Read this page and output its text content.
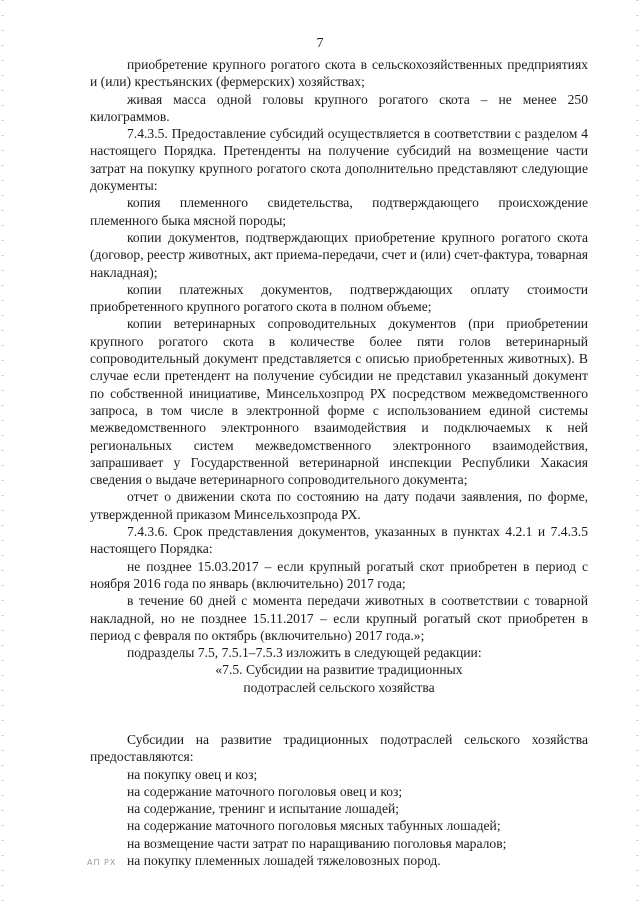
7

приобретение крупного рогатого скота в сельскохозяйственных предприятиях и (или) крестьянских (фермерских) хозяйствах;

живая масса одной головы крупного рогатого скота – не менее 250 килограммов.

7.4.3.5. Предоставление субсидий осуществляется в соответствии с разделом 4 настоящего Порядка. Претенденты на получение субсидий на возмещение части затрат на покупку крупного рогатого скота дополнительно представляют следующие документы:

копия племенного свидетельства, подтверждающего происхождение племенного быка мясной породы;

копии документов, подтверждающих приобретение крупного рогатого скота (договор, реестр животных, акт приема-передачи, счет и (или) счет-фактура, товарная накладная);

копии платежных документов, подтверждающих оплату стоимости приобретенного крупного рогатого скота в полном объеме;

копии ветеринарных сопроводительных документов (при приобретении крупного рогатого скота в количестве более пяти голов ветеринарный сопроводительный документ представляется с описью приобретенных животных). В случае если претендент на получение субсидии не представил указанный документ по собственной инициативе, Минсельхозпрод РХ посредством межведомственного запроса, в том числе в электронной форме с использованием единой системы межведомственного электронного взаимодействия и подключаемых к ней региональных систем межведомственного электронного взаимодействия, запрашивает у Государственной ветеринарной инспекции Республики Хакасия сведения о выдаче ветеринарного сопроводительного документа;

отчет о движении скота по состоянию на дату подачи заявления, по форме, утвержденной приказом Минсельхозпрода РХ.

7.4.3.6. Срок представления документов, указанных в пунктах 4.2.1 и 7.4.3.5 настоящего Порядка:

не позднее 15.03.2017 – если крупный рогатый скот приобретен в период с ноября 2016 года по январь (включительно) 2017 года;

в течение 60 дней с момента передачи животных в соответствии с товарной накладной, но не позднее 15.11.2017 – если крупный рогатый скот приобретен в период с февраля по октябрь (включительно) 2017 года.»;

подразделы 7.5, 7.5.1–7.5.3 изложить в следующей редакции:

«7.5. Субсидии на развитие традиционных

подотраслей сельского хозяйства

Субсидии на развитие традиционных подотраслей сельского хозяйства предоставляются:

на покупку овец и коз;

на содержание маточного поголовья овец и коз;

на содержание, тренинг и испытание лошадей;

на содержание маточного поголовья мясных табунных лошадей;

на возмещение части затрат по наращиванию поголовья маралов;

на покупку племенных лошадей тяжеловозных пород.

АП РХ
